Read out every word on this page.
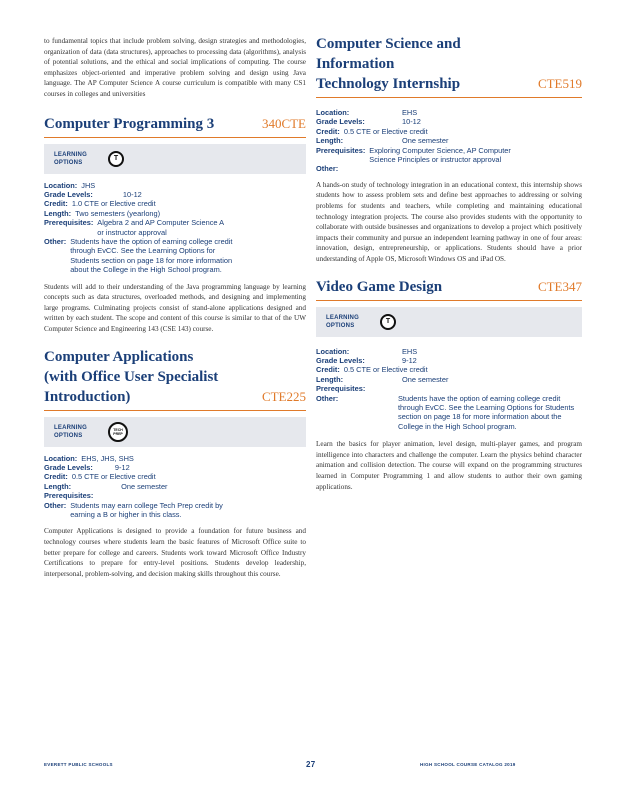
to fundamental topics that include problem solving, design strategies and methodologies, organization of data (data structures), approaches to processing data (algorithms), analysis of potential solutions, and the ethical and social implications of computing. The course emphasizes object-oriented and imperative problem solving and design using Java language. The AP Computer Science A course curriculum is compatible with many CS1 courses in colleges and universities

Computer Programming 3	340CTE
LEARNING OPTIONS
T
Location: JHS
Grade Levels:	10-12
Credit: 1.0 CTE or Elective credit
Length: Two semesters (yearlong)
Prerequisites: Algebra 2 and AP Computer Science A or instructor approval
Other: Students have the option of earning college credit through EvCC. See the Learning Options for Students section on page 18 for more information about the College in the High School program.

Students will add to their understanding of the Java programming language by learning concepts such as data structures, overloaded methods, and designing and implementing large programs. Culminating projects consist of stand-alone applications designed and written by each student. The scope and content of this course is similar to that of the UW Computer Science and Engineering 143 (CSE 143) course.

Computer Applications
(with Office User Specialist
Introduction)	CTE225
LEARNING OPTIONS
TECH PREP
Location: EHS, JHS, SHS
Grade Levels:	9-12
Credit: 0.5 CTE or Elective credit
Length:	One semester
Prerequisites:
Other: Students may earn college Tech Prep credit by earning a B or higher in this class.

Computer Applications is designed to provide a foundation for future business and technology courses where students learn the basic features of Microsoft Office suite to better prepare for college and careers. Students work toward Microsoft Office Industry Certifications to prepare for entry-level positions. Students develop leadership, interpersonal, problem-solving, and decision making skills throughout this course.

Computer Science and Information
Technology Internship	CTE519
Location:	EHS
Grade Levels:	10-12
Credit: 0.5 CTE or Elective credit
Length:	One semester
Prerequisites: Exploring Computer Science, AP Computer Science Principles or instructor approval
Other:

A hands-on study of technology integration in an educational context, this internship shows students how to assess problem sets and define best approaches to addressing or solving problems for students and teachers, while completing and maintaining educational technology integration projects. The course also provides students with the opportunity to collaborate with outside businesses and organizations to develop a project which positively impacts their community and pursue an independent learning pathway in one of four areas: innovation, design, entrepreneurship, or applications. Students should have a prior understanding of Apple OS, Microsoft Windows OS and iPad OS.

Video Game Design	CTE347
LEARNING OPTIONS
T
Location:	EHS
Grade Levels:	9-12
Credit: 0.5 CTE or Elective credit
Length:	One semester
Prerequisites:
Other:	Students have the option of earning college credit through EvCC. See the Learning Options for Students section on page 18 for more information about the College in the High School program.

Learn the basics for player animation, level design, multi-player games, and program intelligence into characters and challenge the computer. Learn the physics behind character animation and collision detection. The course will expand on the programming structures learned in Computer Programming 1 and allow students to author their own gaming applications.

EVERETT PUBLIC SCHOOLS	27	HIGH SCHOOL COURSE CATALOG 2019
